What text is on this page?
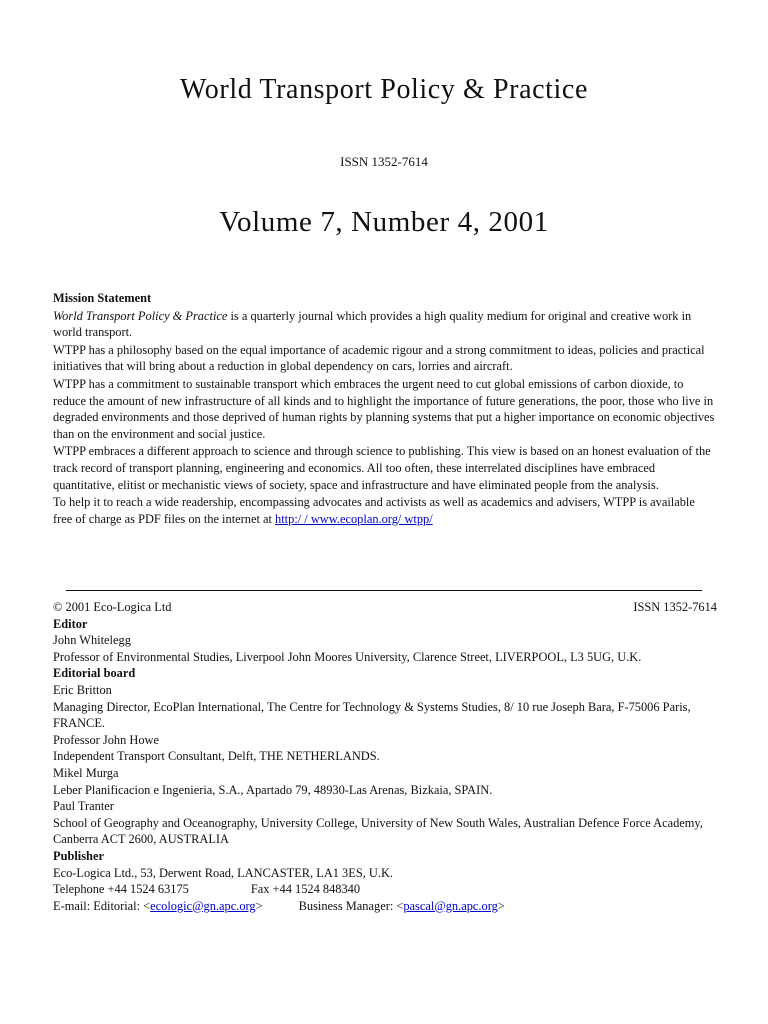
World Transport Policy & Practice
ISSN 1352-7614
Volume 7, Number 4, 2001

Mission Statement

World Transport Policy & Practice is a quarterly journal which provides a high quality medium for original and creative work in world transport.

WTPP has a philosophy based on the equal importance of academic rigour and a strong commitment to ideas, policies and practical initiatives that will bring about a reduction in global dependency on cars, lorries and aircraft.

WTPP has a commitment to sustainable transport which embraces the urgent need to cut global emissions of carbon dioxide, to reduce the amount of new infrastructure of all kinds and to highlight the importance of future generations, the poor, those who live in degraded environments and those deprived of human rights by planning systems that put a higher importance on economic objectives than on the environment and social justice.

WTPP embraces a different approach to science and through science to publishing. This view is based on an honest evaluation of the track record of transport planning, engineering and economics. All too often, these interrelated disciplines have embraced quantitative, elitist or mechanistic views of society, space and infrastructure and have eliminated people from the analysis.

To help it to reach a wide readership, encompassing advocates and activists as well as academics and advisers, WTPP is available free of charge as PDF files on the internet at http:/ / www.ecoplan.org/ wtpp/

© 2001 Eco-Logica Ltd	ISSN 1352-7614

Editor

John Whitelegg

Professor of Environmental Studies, Liverpool John Moores University, Clarence Street, LIVERPOOL, L3 5UG, U.K.

Editorial board

Eric Britton

Managing Director, EcoPlan International, The Centre for Technology & Systems Studies, 8/ 10 rue Joseph Bara, F-75006 Paris, FRANCE.

Professor John Howe

Independent Transport Consultant, Delft, THE NETHERLANDS.

Mikel Murga

Leber Planificacion e Ingenieria, S.A., Apartado 79, 48930-Las Arenas, Bizkaia, SPAIN.

Paul Tranter

School of Geography and Oceanography, University College, University of New South Wales, Australian Defence Force Academy, Canberra ACT 2600, AUSTRALIA

Publisher

Eco-Logica Ltd., 53, Derwent Road, LANCASTER, LA1 3ES, U.K.

Telephone +44 1524 63175	Fax +44 1524 848340

E-mail: Editorial: <ecologic@gn.apc.org>	Business Manager: <pascal@gn.apc.org>
